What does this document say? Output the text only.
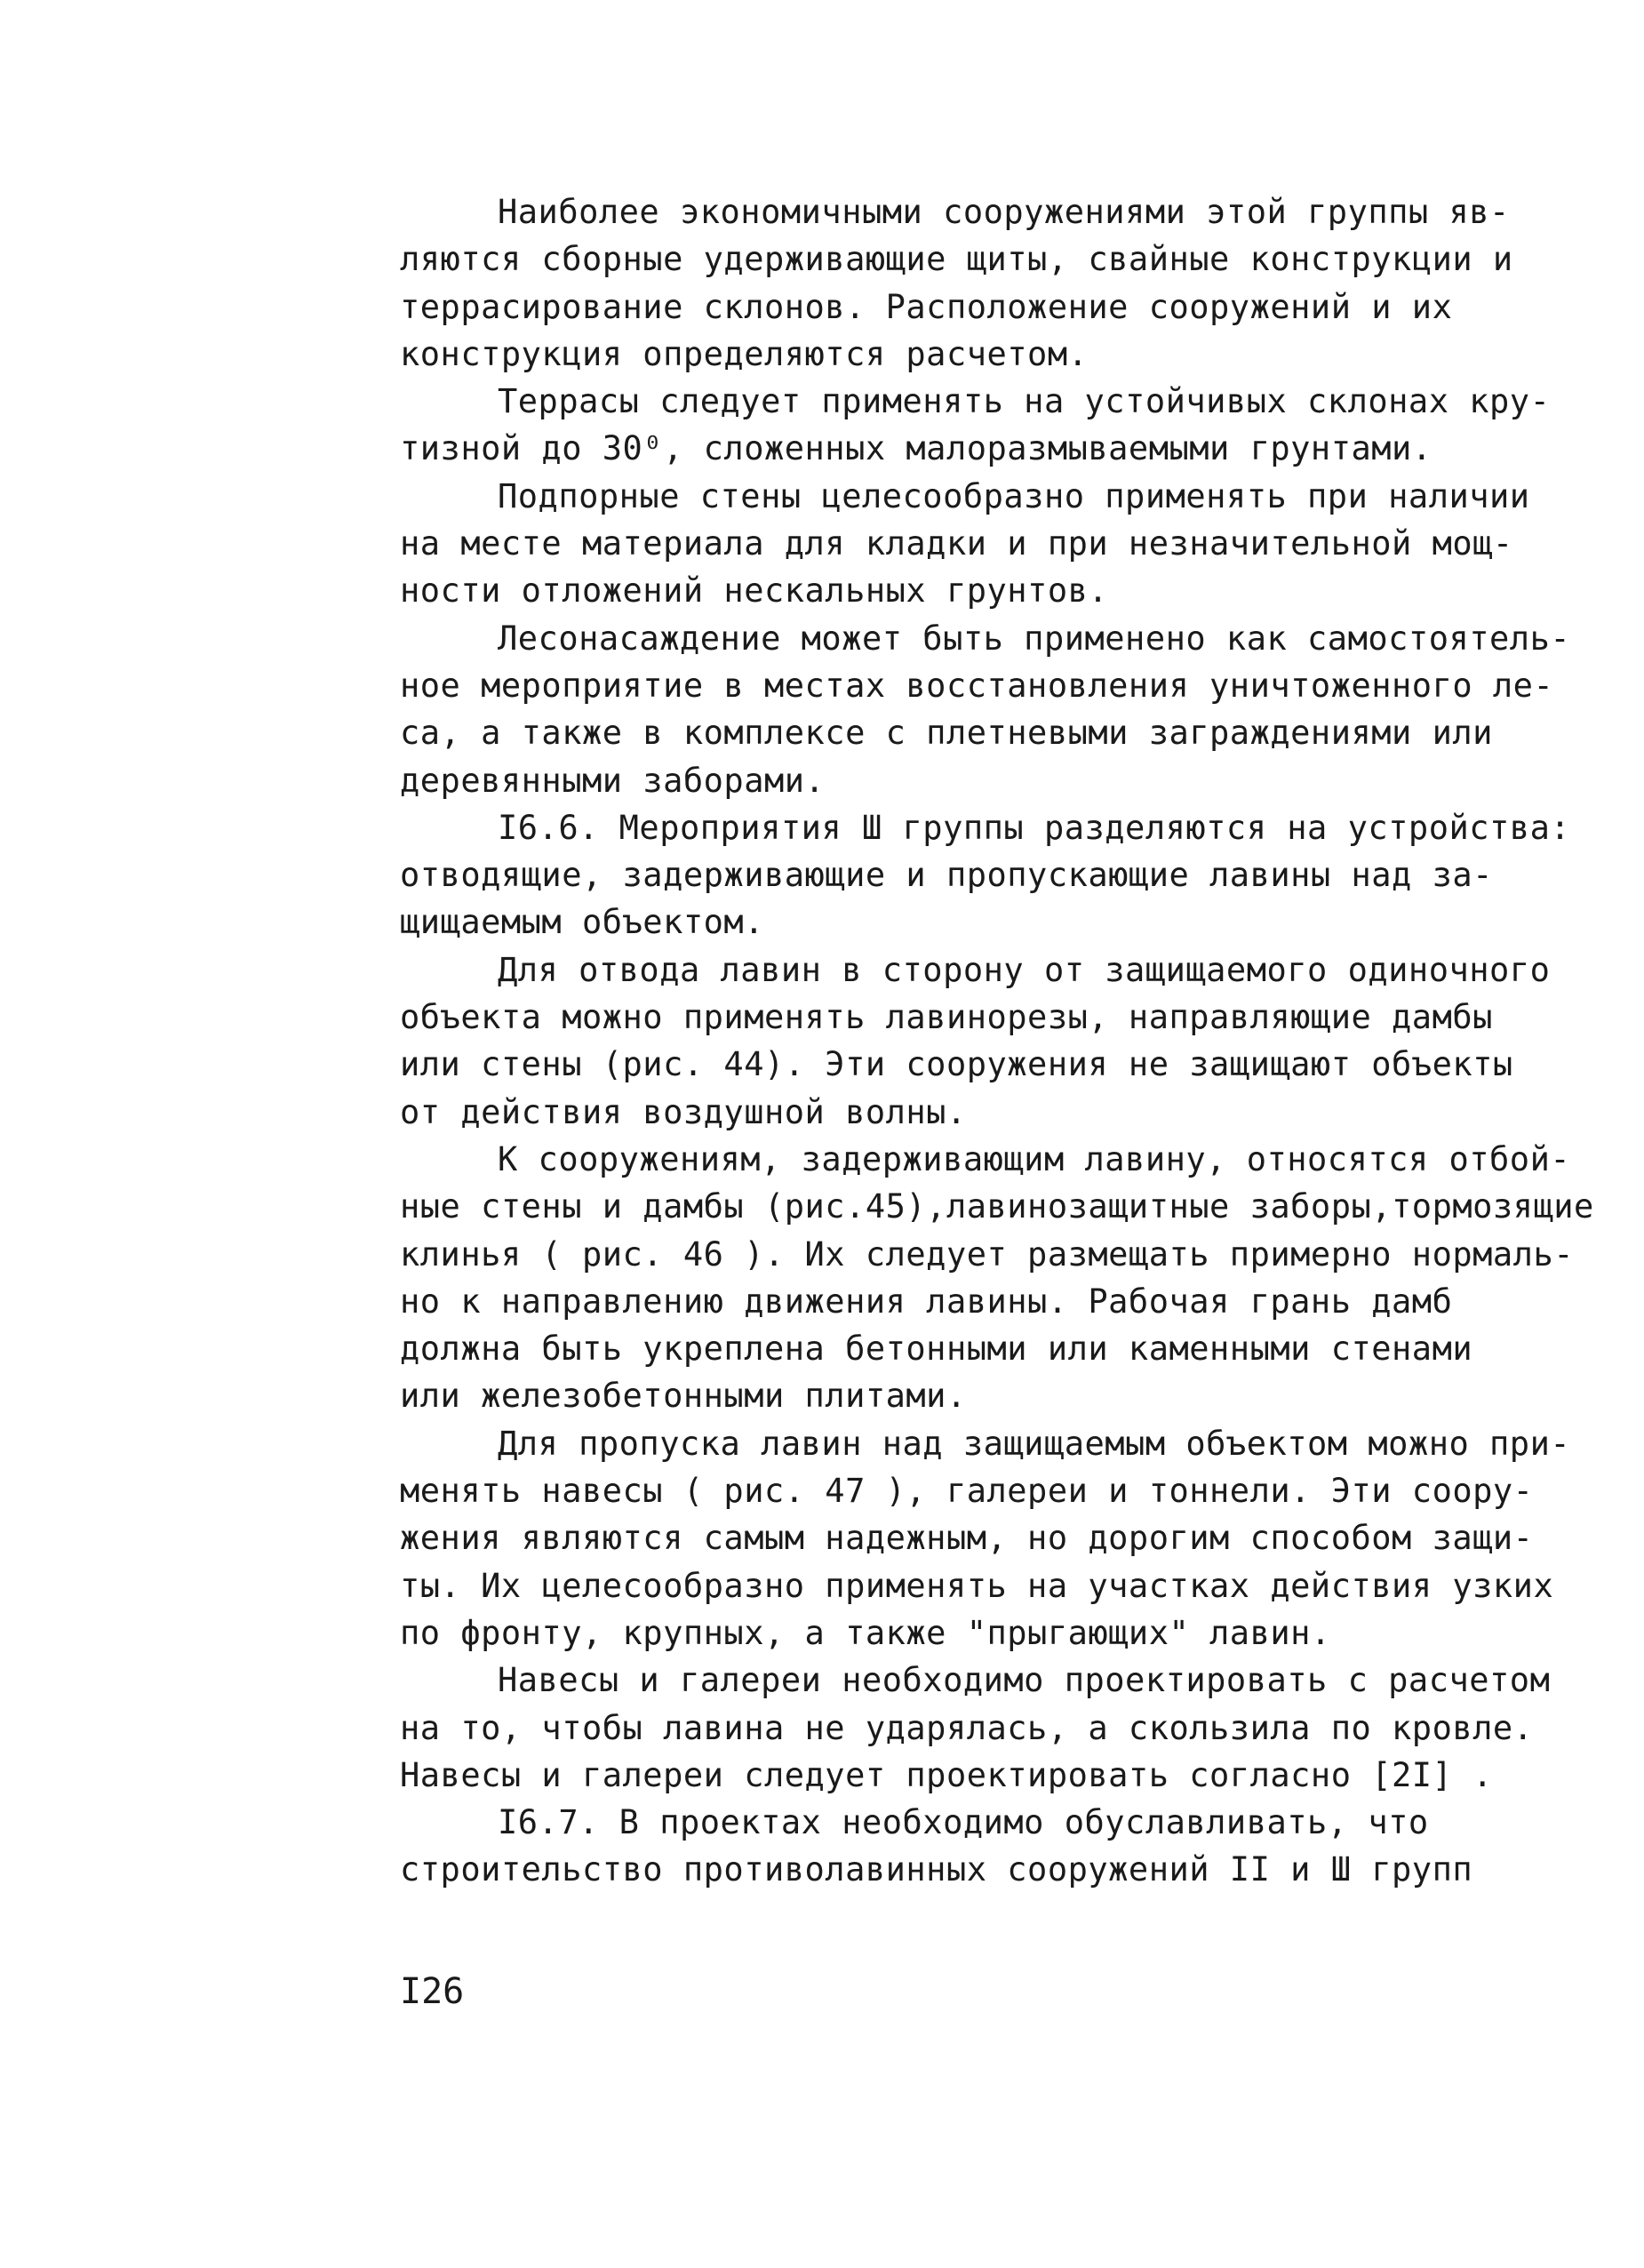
Наиболее экономичными сооружениями этой группы яв-
ляются сборные удерживающие щиты, свайные конструкции и
террасирование склонов. Расположение сооружений и их
конструкция определяются расчетом.
Террасы следует применять на устойчивых склонах кру-
тизной до 30⁰, сложенных малоразмываемыми грунтами.
Подпорные стены целесообразно применять при наличии
на месте материала для кладки и при незначительной мощ-
ности отложений нескальных грунтов.
Лесонасаждение может быть применено как самостоятель-
ное мероприятие в местах восстановления уничтоженного ле-
са, а также в комплексе с плетневыми заграждениями или
деревянными заборами.
I6.6. Мероприятия Ш группы разделяются на устройства:
отводящие, задерживающие и пропускающие лавины над за-
щищаемым объектом.
Для отвода лавин в сторону от защищаемого одиночного
объекта можно применять лавинорезы, направляющие дамбы
или стены (рис. 44). Эти сооружения не защищают объекты
от действия воздушной волны.
К сооружениям, задерживающим лавину, относятся отбой-
ные стены и дамбы (рис.45),лавинозащитные заборы,тормозящие
клинья ( рис. 46 ). Их следует размещать примерно нормаль-
но к направлению движения лавины. Рабочая грань дамб
должна быть укреплена бетонными или каменными стенами
или железобетонными плитами.
Для пропуска лавин над защищаемым объектом можно при-
менять навесы ( рис. 47 ), галереи и тоннели. Эти соору-
жения являются самым надежным, но дорогим способом защи-
ты. Их целесообразно применять на участках действия узких
по фронту, крупных, а также "прыгающих" лавин.
Навесы и галереи необходимо проектировать с расчетом
на то, чтобы лавина не ударялась, а скользила по кровле.
Навесы и галереи следует проектировать согласно [2I] .
I6.7. В проектах необходимо обуславливать, что
строительство противолавинных сооружений II и Ш групп
I26
